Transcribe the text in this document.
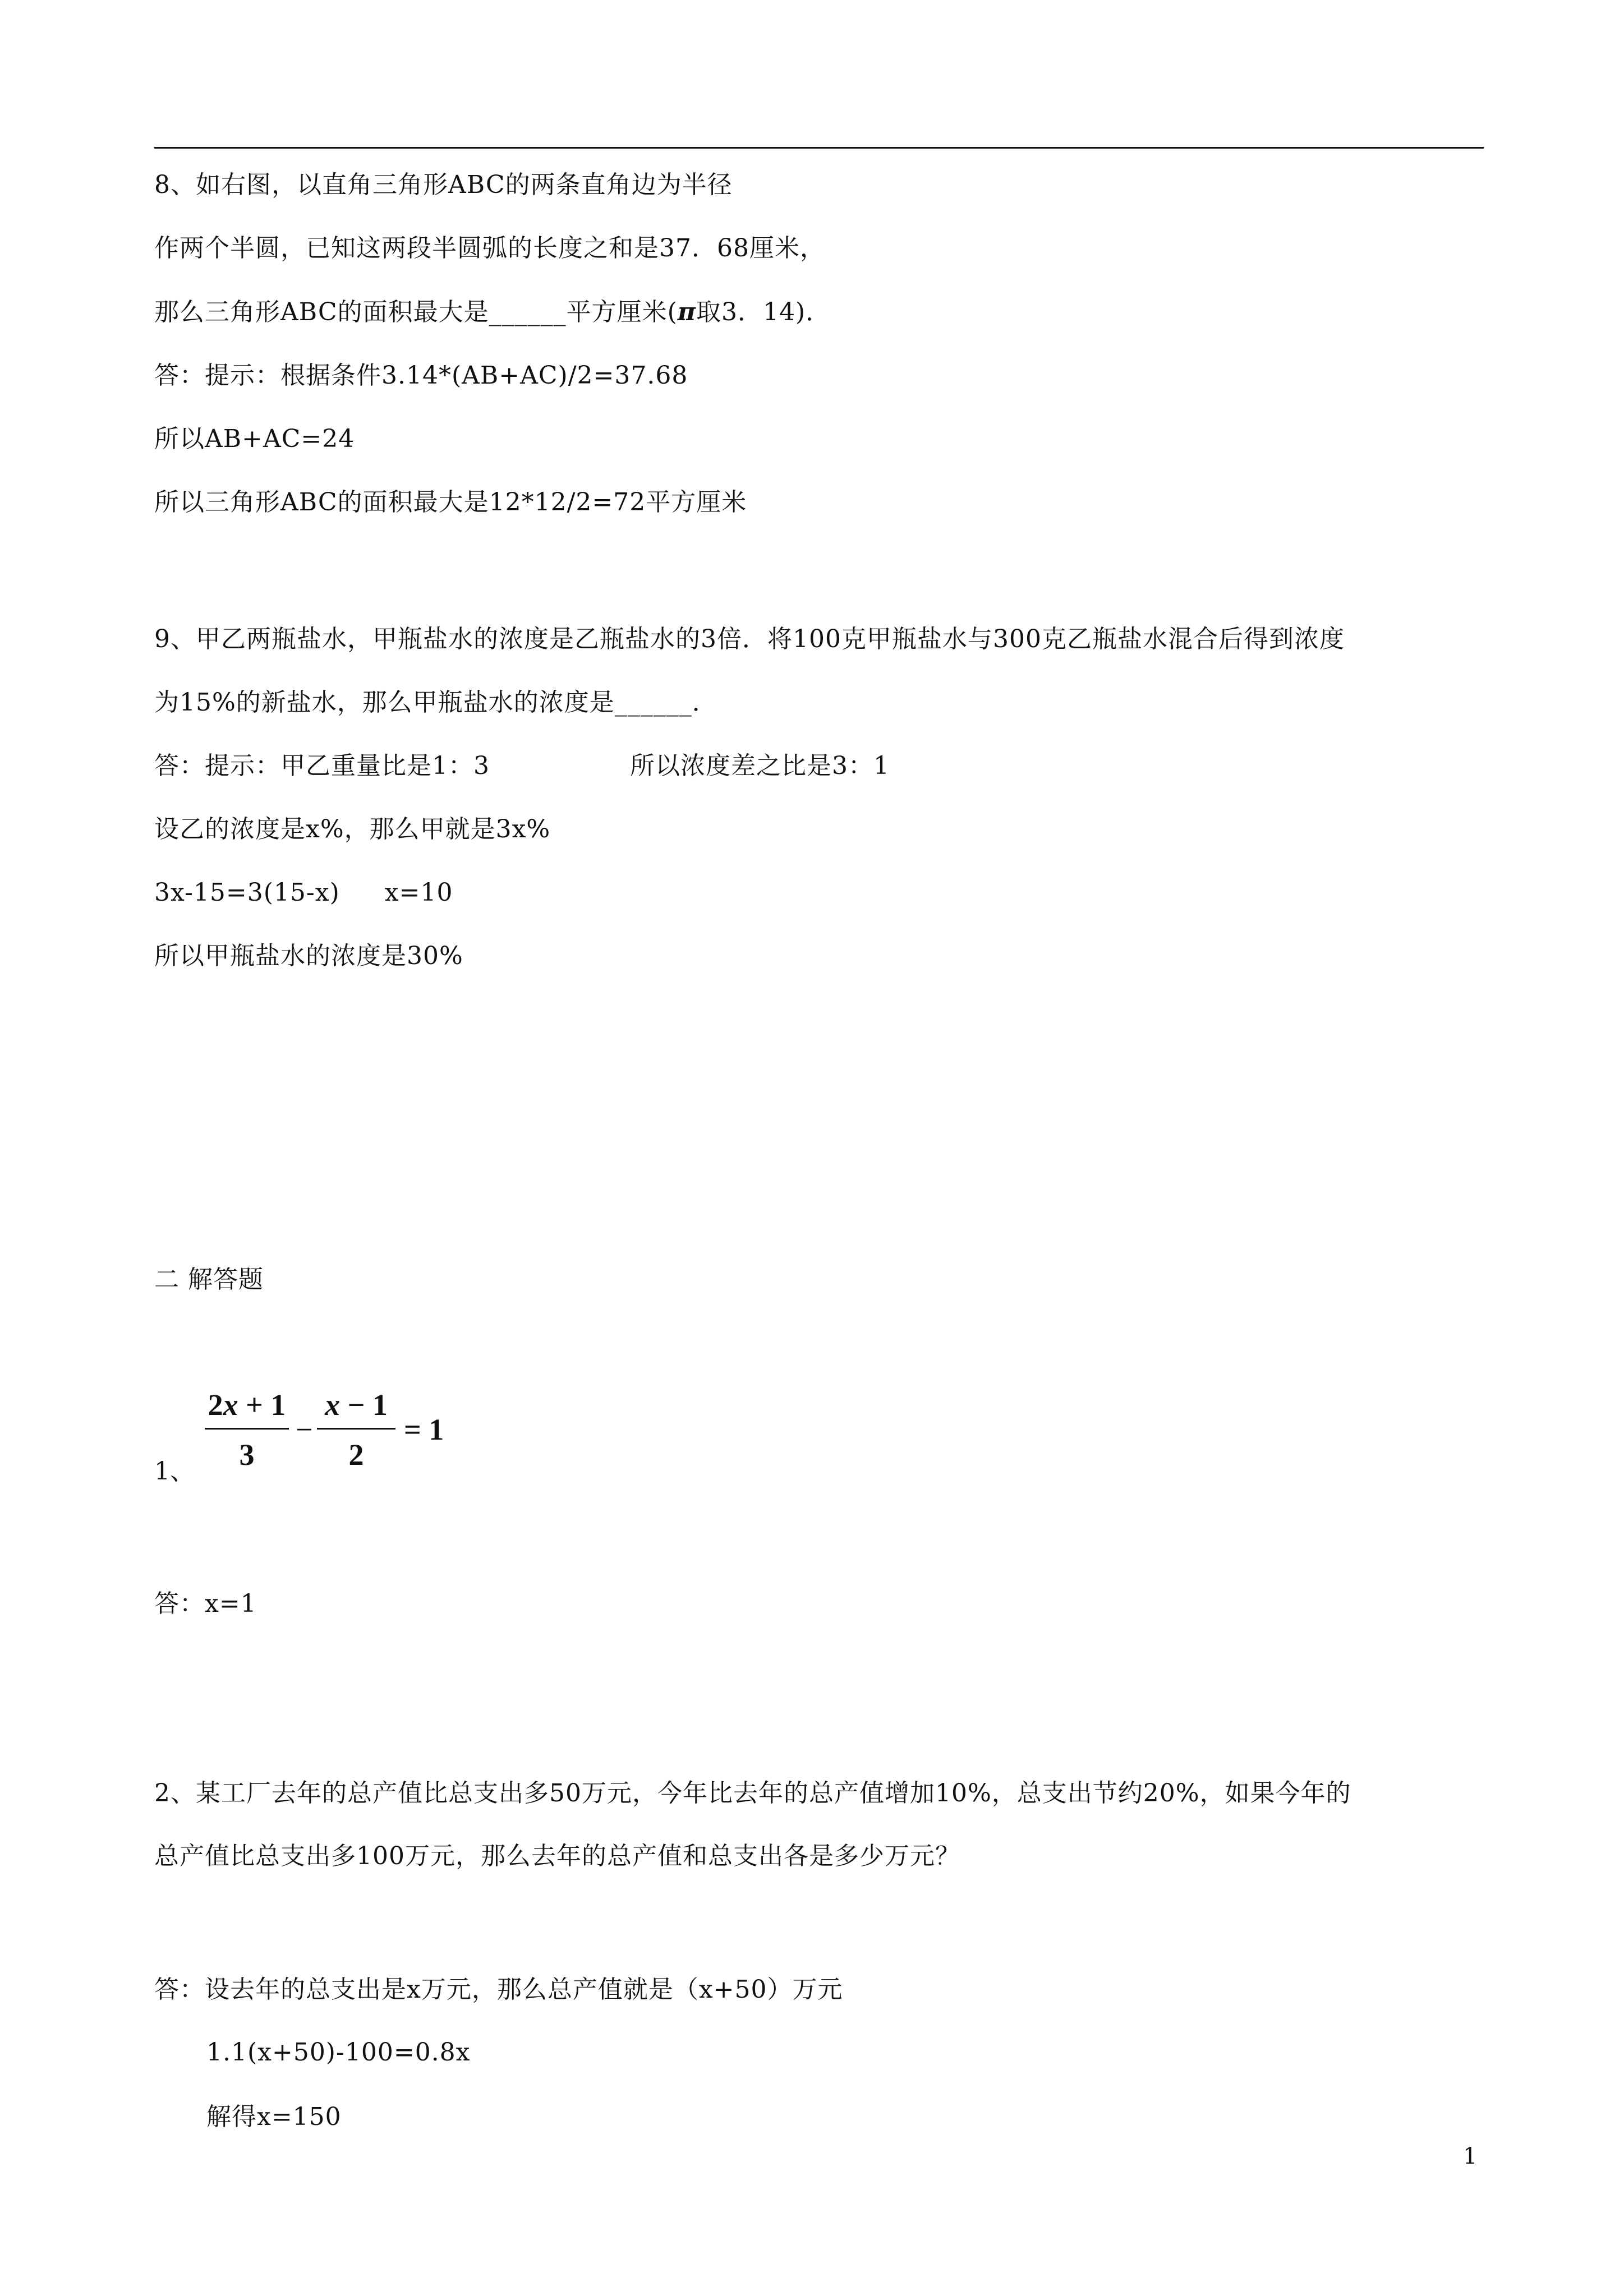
8、如右图，以直角三角形ABC的两条直角边为半径
作两个半圆，已知这两段半圆弧的长度之和是37．68厘米，
那么三角形ABC的面积最大是______平方厘米(π取3．14)．
答：提示：根据条件3.14*(AB+AC)/2=37.68
所以AB+AC=24
所以三角形ABC的面积最大是12*12/2=72平方厘米
9、甲乙两瓶盐水，甲瓶盐水的浓度是乙瓶盐水的3倍．将100克甲瓶盐水与300克乙瓶盐水混合后得到浓度
为15%的新盐水，那么甲瓶盐水的浓度是______．
答：提示：甲乙重量比是1：3	所以浓度差之比是3：1
设乙的浓度是x%，那么甲就是3x%
3x-15=3(15-x) x=10
所以甲瓶盐水的浓度是30%
二 解答题
1、
2x + 1
3
−
x − 1
2
= 1
答：x=1
2、某工厂去年的总产值比总支出多50万元，今年比去年的总产值增加10%，总支出节约20%，如果今年的
总产值比总支出多100万元，那么去年的总产值和总支出各是多少万元？
答：设去年的总支出是x万元，那么总产值就是（x+50）万元
1.1(x+50)-100=0.8x
解得x=150
1
